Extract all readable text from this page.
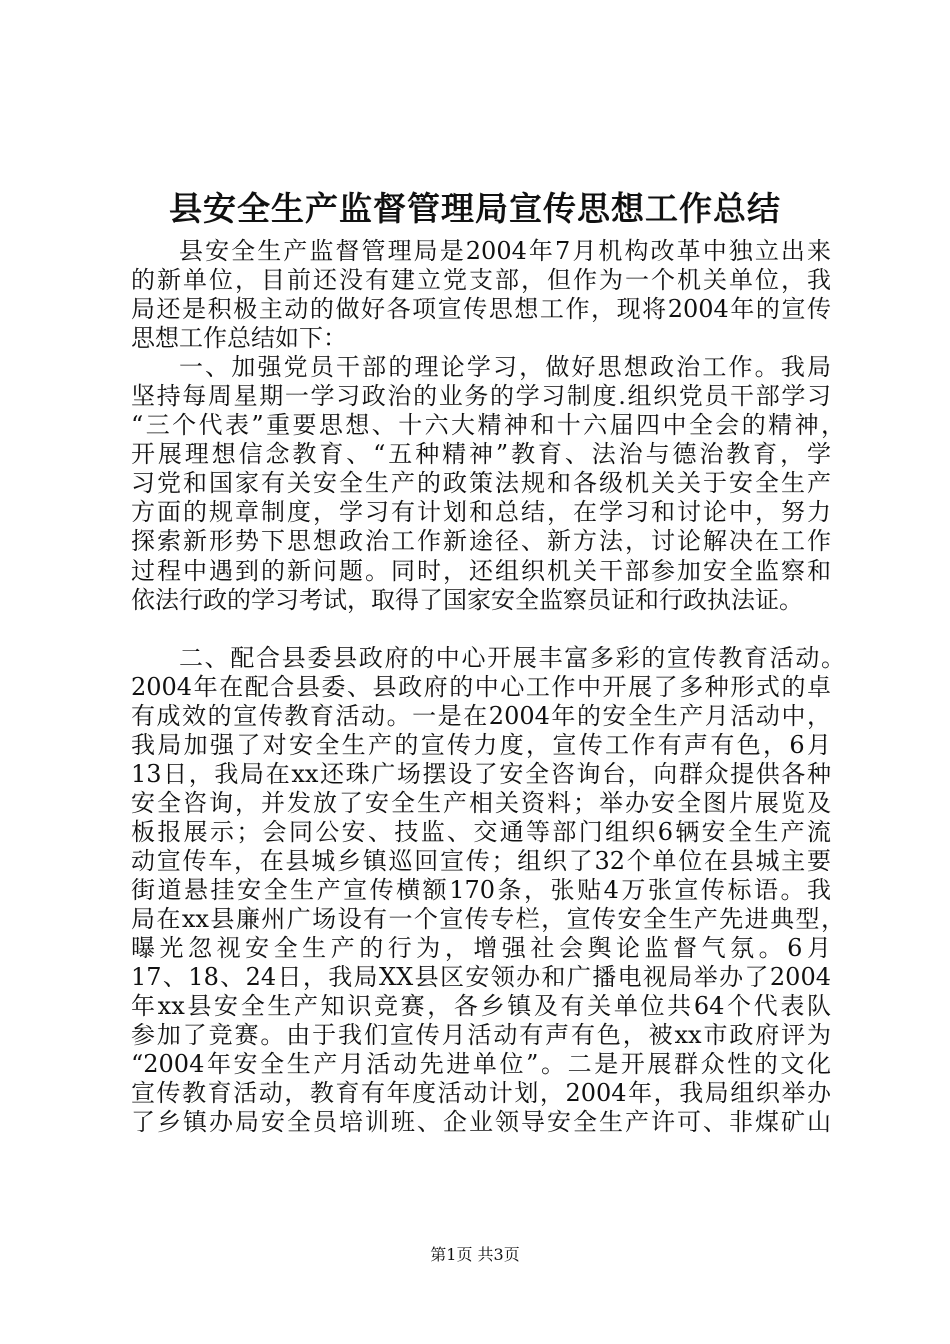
县安全生产监督管理局宣传思想工作总结
县安全生产监督管理局是2004年7月机构改革中独立出来
的新单位，目前还没有建立党支部，但作为一个机关单位，我
局还是积极主动的做好各项宣传思想工作，现将2004年的宣传
思想工作总结如下：
一、加强党员干部的理论学习，做好思想政治工作。我局
坚持每周星期一学习政治的业务的学习制度.组织党员干部学习
“三个代表”重要思想、十六大精神和十六届四中全会的精神，
开展理想信念教育、“五种精神”教育、法治与德治教育，学
习党和国家有关安全生产的政策法规和各级机关关于安全生产
方面的规章制度，学习有计划和总结，在学习和讨论中，努力
探索新形势下思想政治工作新途径、新方法，讨论解决在工作
过程中遇到的新问题。同时，还组织机关干部参加安全监察和
依法行政的学习考试，取得了国家安全监察员证和行政执法证。
二、配合县委县政府的中心开展丰富多彩的宣传教育活动。
2004年在配合县委、县政府的中心工作中开展了多种形式的卓
有成效的宣传教育活动。一是在2004年的安全生产月活动中，
我局加强了对安全生产的宣传力度，宣传工作有声有色，6月
13日，我局在xx还珠广场摆设了安全咨询台，向群众提供各种
安全咨询，并发放了安全生产相关资料；举办安全图片展览及
板报展示；会同公安、技监、交通等部门组织6辆安全生产流
动宣传车，在县城乡镇巡回宣传；组织了32个单位在县城主要
街道悬挂安全生产宣传横额170条，张贴4万张宣传标语。我
局在xx县廉州广场设有一个宣传专栏，宣传安全生产先进典型，
曝光忽视安全生产的行为，增强社会舆论监督气氛。6月
17、18、24日，我局XX县区安领办和广播电视局举办了2004
年xx县安全生产知识竞赛，各乡镇及有关单位共64个代表队
参加了竞赛。由于我们宣传月活动有声有色，被xx市政府评为
“2004年安全生产月活动先进单位”。二是开展群众性的文化
宣传教育活动，教育有年度活动计划，2004年，我局组织举办
了乡镇办局安全员培训班、企业领导安全生产许可、非煤矿山
第1页 共3页
